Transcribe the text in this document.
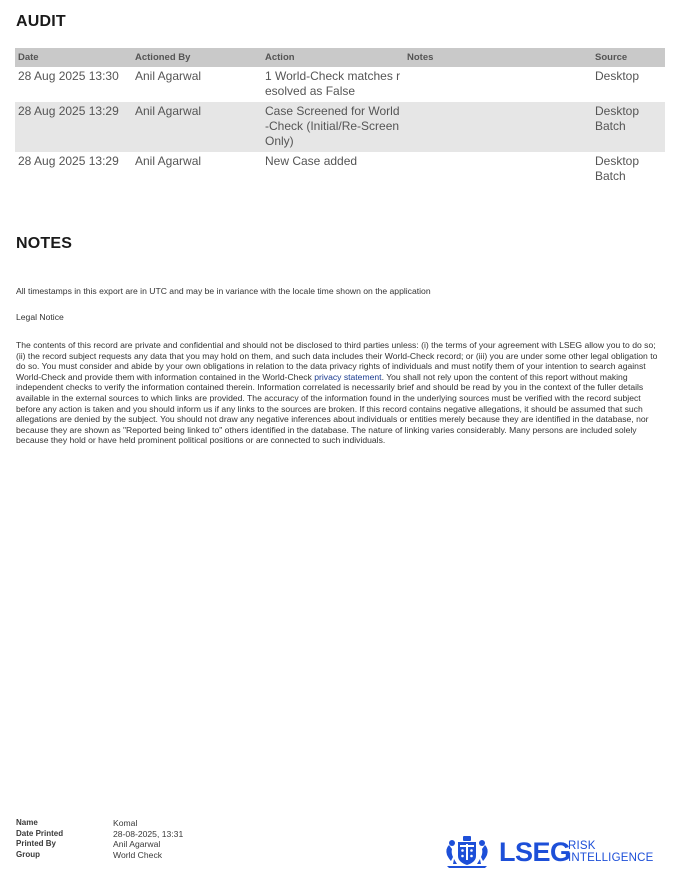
AUDIT
Date	Actioned By	Action	Notes	Source
28 Aug 2025 13:30	Anil Agarwal	1 World-Check matches resolved as False		Desktop
28 Aug 2025 13:29	Anil Agarwal	Case Screened for World-Check (Initial/Re-Screen Only)		Desktop Batch
28 Aug 2025 13:29	Anil Agarwal	New Case added		Desktop Batch
NOTES

All timestamps in this export are in UTC and may be in variance with the locale time shown on the application

Legal Notice

The contents of this record are private and confidential and should not be disclosed to third parties unless: (i) the terms of your agreement with LSEG allow you to do so; (ii) the record subject requests any data that you may hold on them, and such data includes their World-Check record; or (iii) you are under some other legal obligation to do so. You must consider and abide by your own obligations in relation to the data privacy rights of individuals and must notify them of your intention to search against World-Check and provide them with information contained in the World-Check privacy statement. You shall not rely upon the content of this report without making independent checks to verify the information contained therein. Information correlated is necessarily brief and should be read by you in the context of the fuller details available in the external sources to which links are provided. The accuracy of the information found in the underlying sources must be verified with the record subject before any action is taken and you should inform us if any links to the sources are broken. If this record contains negative allegations, it should be assumed that such allegations are denied by the subject. You should not draw any negative inferences about individuals or entities merely because they are identified in the database, nor because they are shown as "Reported being linked to" others identified in the database. The nature of linking varies considerably. Many persons are included solely because they hold or have held prominent political positions or are connected to such individuals.

Name	Komal
Date Printed	28-08-2025, 13:31
Printed By	Anil Agarwal
Group	World Check	LSEG
RISK
INTELLIGENCE
